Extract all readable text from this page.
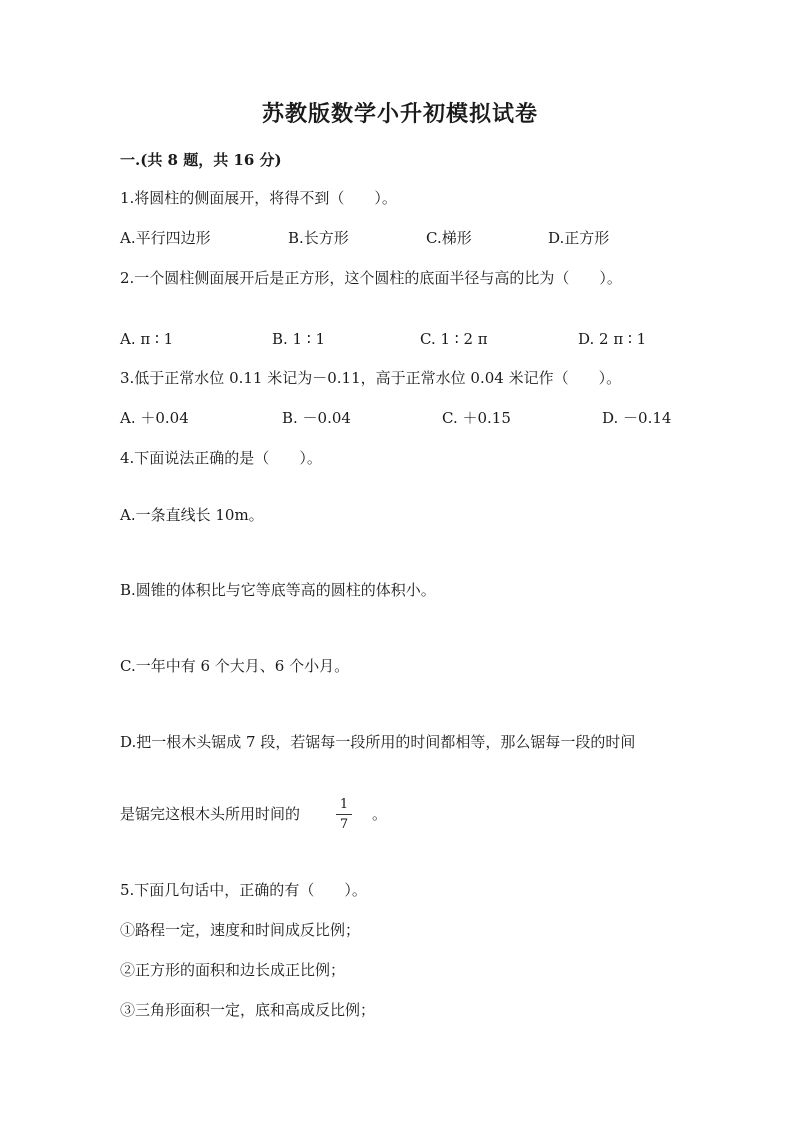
苏教版数学小升初模拟试卷
一.(共 8 题，共 16 分)
1.将圆柱的侧面展开，将得不到（　　）。
A.平行四边形	B.长方形	C.梯形	D.正方形
2.一个圆柱侧面展开后是正方形，这个圆柱的底面半径与高的比为（　　）。
A. π ∶ 1	B. 1 ∶ 1	C. 1 ∶ 2 π	D. 2 π ∶ 1
3.低于正常水位 0.11 米记为－0.11，高于正常水位 0.04 米记作（　　）。
A. ＋0.04	B. －0.04	C. ＋0.15	D. －0.14
4.下面说法正确的是（　　）。
A.一条直线长 10m。
B.圆锥的体积比与它等底等高的圆柱的体积小。
C.一年中有 6 个大月、6 个小月。
D.把一根木头锯成 7 段，若锯每一段所用的时间都相等，那么锯每一段的时间
是锯完这根木头所用时间的
1
7
。
5.下面几句话中，正确的有（　　）。
①路程一定，速度和时间成反比例；
②正方形的面积和边长成正比例；
③三角形面积一定，底和高成反比例；
